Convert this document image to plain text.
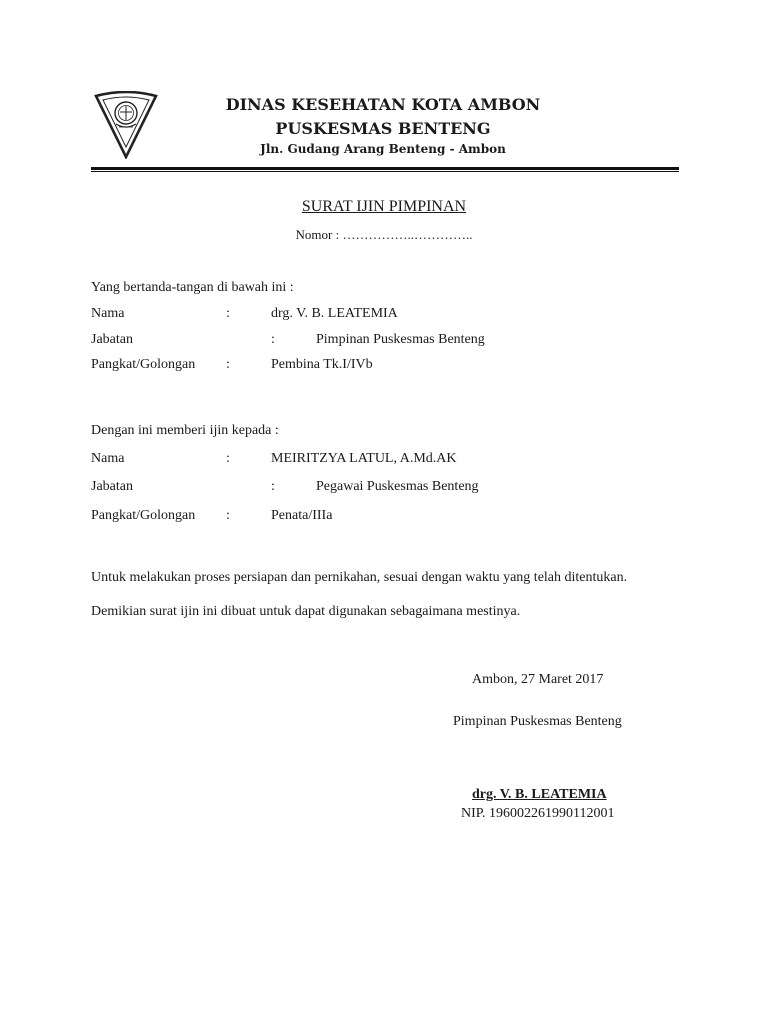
DINAS KESEHATAN KOTA AMBON
PUSKESMAS BENTENG
Jln. Gudang Arang Benteng - Ambon
SURAT IJIN PIMPINAN
Nomor : ……………..…………..
Yang bertanda-tangan di bawah ini :
Nama	:	drg. V. B. LEATEMIA
Jabatan	:	Pimpinan Puskesmas Benteng
Pangkat/Golongan :	Pembina Tk.I/IVb
Dengan ini memberi ijin kepada :
Nama	:	MEIRITZYA LATUL, A.Md.AK
Jabatan	:	Pegawai Puskesmas Benteng
Pangkat/Golongan :	Penata/IIIa
Untuk melakukan proses persiapan dan pernikahan, sesuai dengan waktu yang telah ditentukan.
Demikian surat ijin ini dibuat untuk dapat digunakan sebagaimana mestinya.
Ambon, 27 Maret 2017
Pimpinan Puskesmas Benteng
drg. V. B. LEATEMIA
NIP. 196002261990112001
